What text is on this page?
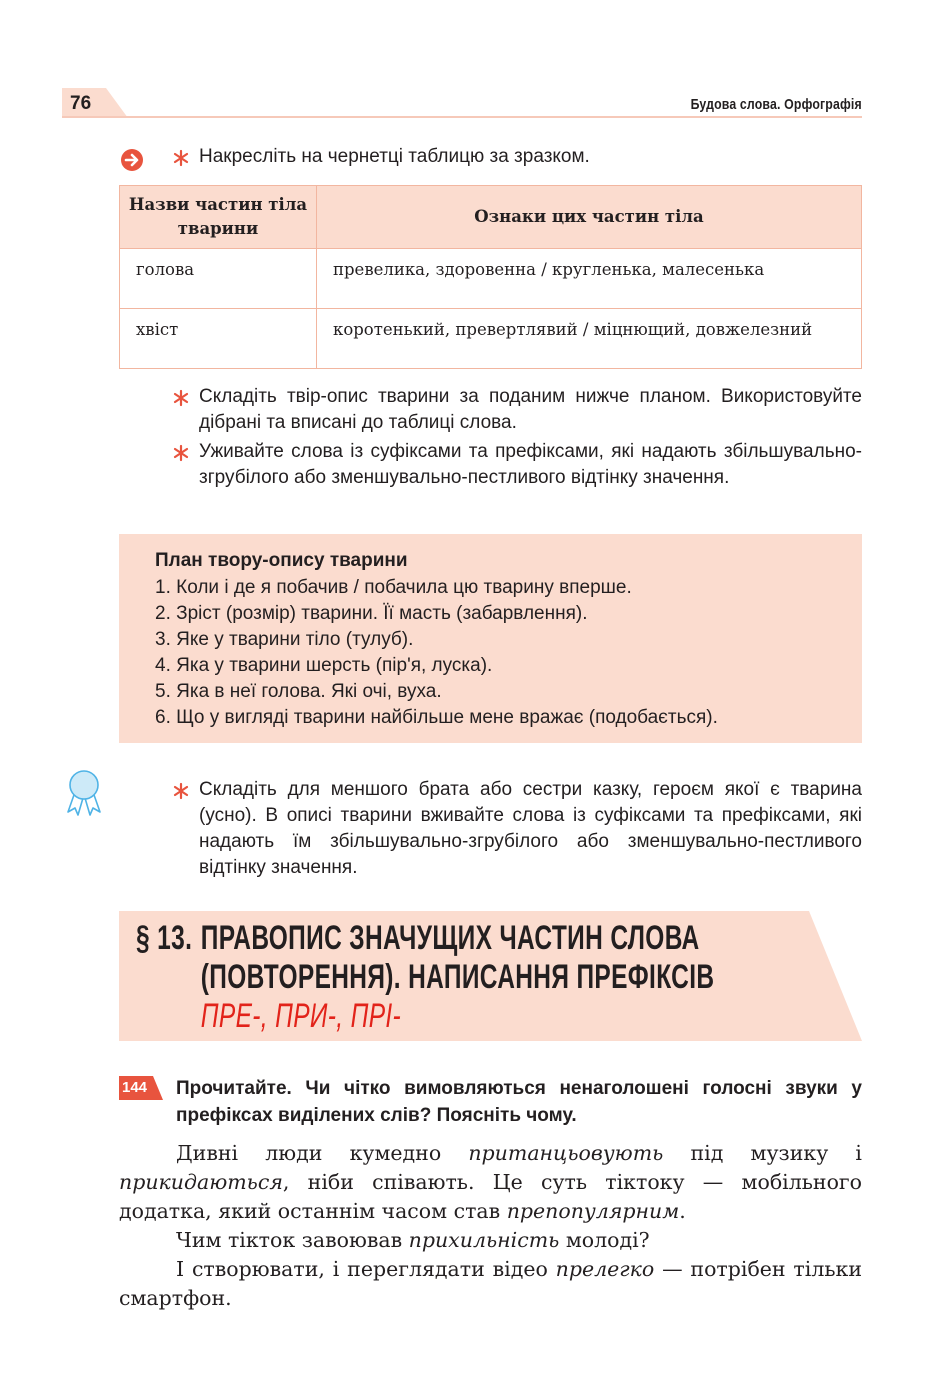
76	Будова слова. Орфографія
Накресліть на чернетці таблицю за зразком.
Назви частин тіла тварини	Ознаки цих частин тіла
голова	превелика, здоровенна / кругленька, малесенька
хвіст	коротенький, превертлявий / міцнющий, довжелезний
Складіть твір-опис тварини за поданим нижче планом. Використовуйте дібрані та вписані до таблиці слова.
Уживайте слова із суфіксами та префіксами, які надають збільшувально-згрубілого або зменшувально-пестливого відтінку значення.
План твору-опису тварини
1. Коли і де я побачив / побачила цю тварину вперше.
2. Зріст (розмір) тварини. Її масть (забарвлення).
3. Яке у тварини тіло (тулуб).
4. Яка у тварини шерсть (пір'я, луска).
5. Яка в неї голова. Які очі, вуха.
6. Що у вигляді тварини найбільше мене вражає (подобається).
Складіть для меншого брата або сестри казку, героєм якої є тварина (усно). В описі тварини вживайте слова із суфіксами та префіксами, які надають їм збільшувально-згрубілого або зменшувально-пестливого відтінку значення.
§ 13. ПРАВОПИС ЗНАЧУЩИХ ЧАСТИН СЛОВА
(ПОВТОРЕННЯ). НАПИСАННЯ ПРЕФІКСІВ
ПРЕ-, ПРИ-, ПРІ-
144 Прочитайте. Чи чітко вимовляються ненаголошені голосні звуки у префіксах виділених слів? Поясніть чому.

Дивні люди кумедно пританцьовують під музику і прикидаються, ніби співають. Це суть тіктоку — мобільного додатка, який останнім часом став препопулярним.

Чим тікток завоював прихильність молоді?

І створювати, і переглядати відео прелегко — потрібен тільки смартфон.
